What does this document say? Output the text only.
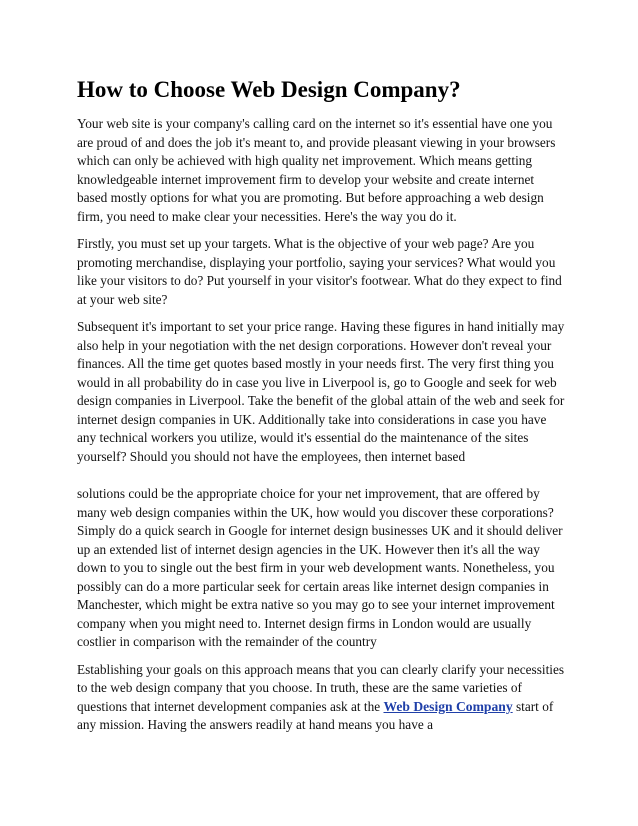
How to Choose Web Design Company?

Your web site is your company's calling card on the internet so it's essential have one you are proud of and does the job it's meant to, and provide pleasant viewing in your browsers which can only be achieved with high quality net improvement. Which means getting knowledgeable internet improvement firm to develop your website and create internet based mostly options for what you are promoting. But before approaching a web design firm, you need to make clear your necessities. Here's the way you do it.

Firstly, you must set up your targets. What is the objective of your web page? Are you promoting merchandise, displaying your portfolio, saying your services? What would you like your visitors to do? Put yourself in your visitor's footwear. What do they expect to find at your web site?

Subsequent it's important to set your price range. Having these figures in hand initially may also help in your negotiation with the net design corporations. However don't reveal your finances. All the time get quotes based mostly in your needs first. The very first thing you would in all probability do in case you live in Liverpool is, go to Google and seek for web design companies in Liverpool. Take the benefit of the global attain of the web and seek for internet design companies in UK. Additionally take into considerations in case you have any technical workers you utilize, would it's essential do the maintenance of the sites yourself? Should you should not have the employees, then internet based

solutions could be the appropriate choice for your net improvement, that are offered by many web design companies within the UK, how would you discover these corporations? Simply do a quick search in Google for internet design businesses UK and it should deliver up an extended list of internet design agencies in the UK. However then it's all the way down to you to single out the best firm in your web development wants. Nonetheless, you possibly can do a more particular seek for certain areas like internet design companies in Manchester, which might be extra native so you may go to see your internet improvement company when you might need to. Internet design firms in London would are usually costlier in comparison with the remainder of the country

Establishing your goals on this approach means that you can clearly clarify your necessities to the web design company that you choose. In truth, these are the same varieties of questions that internet development companies ask at the Web Design Company start of any mission. Having the answers readily at hand means you have a
